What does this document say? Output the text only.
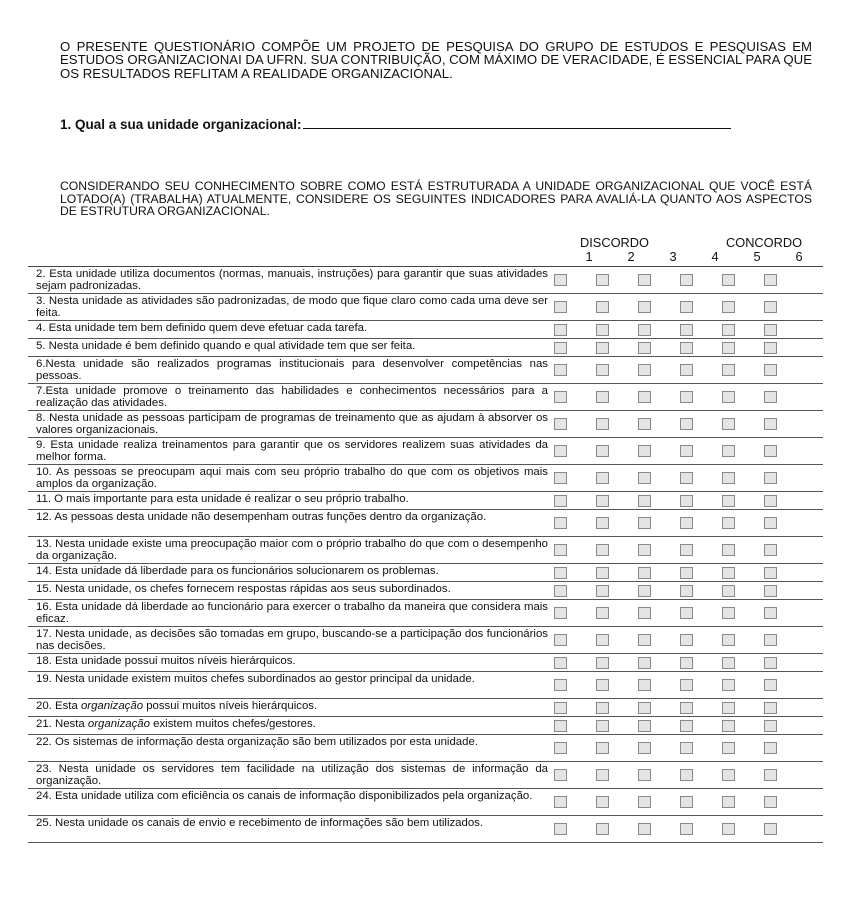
O PRESENTE QUESTIONÁRIO COMPÕE UM PROJETO DE PESQUISA DO GRUPO DE ESTUDOS E PESQUISAS EM ESTUDOS ORGANIZACIONAI DA UFRN. SUA CONTRIBUIÇÃO, COM MÁXIMO DE VERACIDADE, É ESSENCIAL PARA QUE OS RESULTADOS REFLITAM A REALIDADE ORGANIZACIONAL.
1. Qual a sua unidade organizacional:
CONSIDERANDO SEU CONHECIMENTO SOBRE COMO ESTÁ ESTRUTURADA A UNIDADE ORGANIZACIONAL QUE VOCÊ ESTÁ LOTADO(A) (TRABALHA) ATUALMENTE, CONSIDERE OS SEGUINTES INDICADORES PARA AVALIÁ-LA QUANTO AOS ASPECTOS DE ESTRUTURA ORGANIZACIONAL.
DISCORDO	CONCORDO
1	2	3	4	5	6
2. Esta unidade utiliza documentos (normas, manuais, instruções) para garantir que suas atividades sejam padronizadas.
3. Nesta unidade as atividades são padronizadas, de modo que fique claro como cada uma deve ser feita.
4. Esta unidade tem bem definido quem deve efetuar cada tarefa.
5. Nesta unidade é bem definido quando e qual atividade tem que ser feita.
6.Nesta unidade são realizados programas institucionais para desenvolver competências nas pessoas.
7.Esta unidade promove o treinamento das habilidades e conhecimentos necessários para a realização das atividades.
8. Nesta unidade as pessoas participam de programas de treinamento que as ajudam à absorver os valores organizacionais.
9. Esta unidade realiza treinamentos para garantir que os servidores realizem suas atividades da melhor forma.
10. As pessoas se preocupam aqui mais com seu próprio trabalho do que com os objetivos mais amplos da organização.
11. O mais importante para esta unidade é realizar o seu próprio trabalho.
12. As pessoas desta unidade não desempenham outras funções dentro da organização.
13. Nesta unidade existe uma preocupação maior com o próprio trabalho do que com o desempenho da organização.
14. Esta unidade dá liberdade para os funcionários solucionarem os problemas.
15. Nesta unidade, os chefes fornecem respostas rápidas aos seus subordinados.
16. Esta unidade dá liberdade ao funcionário para exercer o trabalho da maneira que considera mais eficaz.
17. Nesta unidade, as decisões são tomadas em grupo, buscando-se a participação dos funcionários nas decisões.
18. Esta unidade possui muitos níveis hierárquicos.
19. Nesta unidade existem muitos chefes subordinados ao gestor principal da unidade.
20. Esta organização possui muitos níveis hierárquicos.
21. Nesta organização existem muitos chefes/gestores.
22. Os sistemas de informação desta organização são bem utilizados por esta unidade.
23. Nesta unidade os servidores tem facilidade na utilização dos sistemas de informação da organização.
24. Esta unidade utiliza com eficiência os canais de informação disponibilizados pela organização.
25. Nesta unidade os canais de envio e recebimento de informações são bem utilizados.
